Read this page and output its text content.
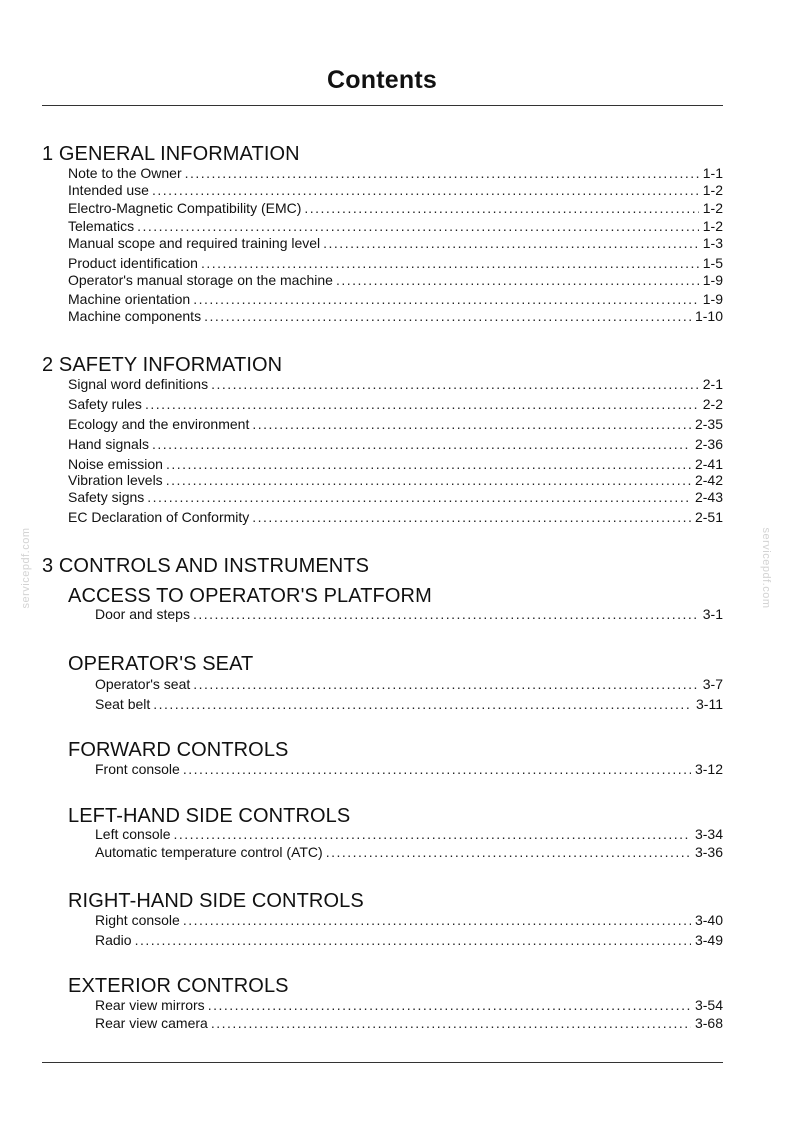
Contents
1 GENERAL INFORMATION
Note to the Owner . . .	1-1
Intended use . . .	1-2
Electro-Magnetic Compatibility (EMC) . . .	1-2
Telematics . . .	1-2
Manual scope and required training level . . .	1-3
Product identification . . .	1-5
Operator's manual storage on the machine . . .	1-9
Machine orientation . . .	1-9
Machine components . . .	1-10
2 SAFETY INFORMATION
Signal word definitions . . .	2-1
Safety rules . . .	2-2
Ecology and the environment . . .	2-35
Hand signals . . .	2-36
Noise emission . . .	2-41
Vibration levels . . .	2-42
Safety signs . . .	2-43
EC Declaration of Conformity . . .	2-51
3 CONTROLS AND INSTRUMENTS
ACCESS TO OPERATOR'S PLATFORM
Door and steps . . .	3-1
OPERATOR'S SEAT
Operator's seat . . .	3-7
Seat belt . . .	3-11
FORWARD CONTROLS
Front console . . .	3-12
LEFT-HAND SIDE CONTROLS
Left console . . .	3-34
Automatic temperature control (ATC) . . .	3-36
RIGHT-HAND SIDE CONTROLS
Right console . . .	3-40
Radio . . .	3-49
EXTERIOR CONTROLS
Rear view mirrors . . .	3-54
Rear view camera . . .	3-68
servicepdf.com	servicepdf.com
